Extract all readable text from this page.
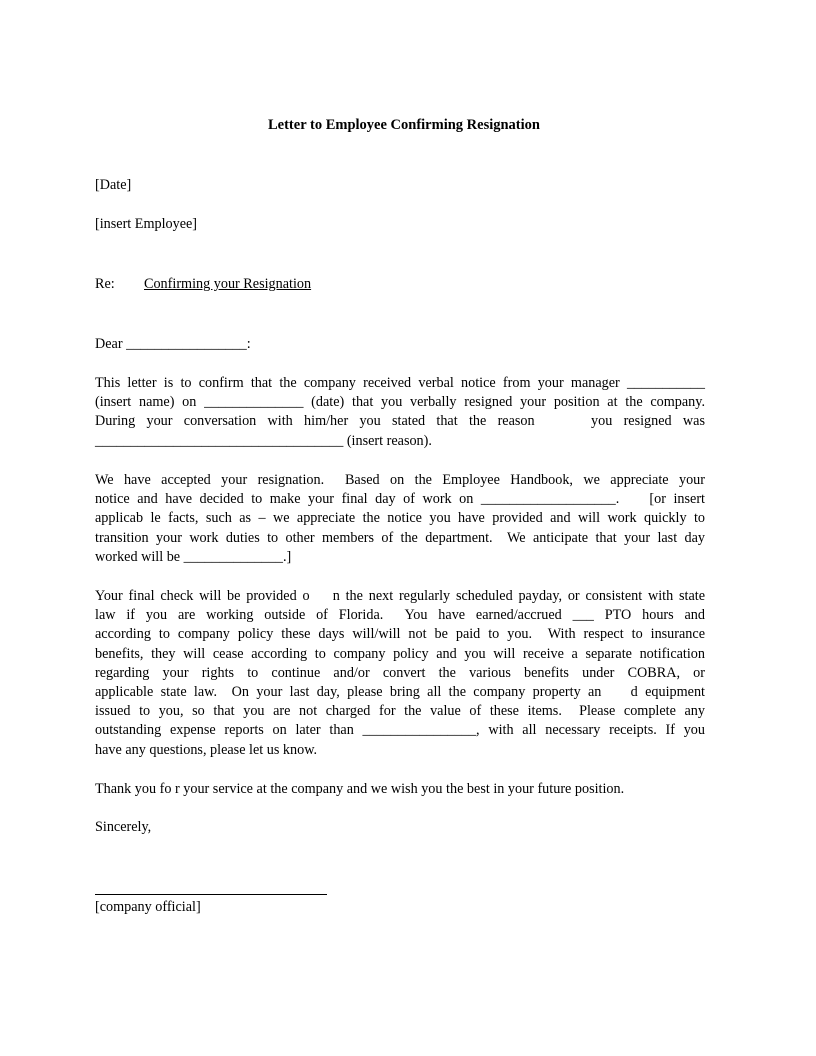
Letter to Employee Confirming Resignation
[Date]
[insert Employee]
Re: Confirming your Resignation
Dear _________________:
This letter is to confirm that the company received verbal notice from your manager ___________
(insert name) on ______________ (date) that you verbally resigned your position at the company.
During your conversation with him/her you stated that the reason     you resigned was
___________________________________ (insert reason).
We have accepted your resignation.  Based on the Employee Handbook, we appreciate your
notice and have decided to make your final day of work on ___________________.    [or insert
applicab le facts, such as – we appreciate the notice you have provided and will work quickly to
transition your work duties to other members of the department.  We anticipate that your last day
worked will be ______________.]
Your final check will be provided o    n the next regularly scheduled payday, or consistent with state
law if you are working outside of Florida.  You have earned/accrued ___ PTO hours and
according to company policy these days will/will not be paid to you.  With respect to insurance
benefits, they will cease according to company policy and you will receive a separate notification
regarding your rights to continue and/or convert the various benefits under COBRA, or
applicable state law.  On your last day, please bring all the company property an    d equipment
issued to you, so that you are not charged for the value of these items.  Please complete any
outstanding expense reports on later than ________________, with all necessary receipts. If you
have any questions, please let us know.
Thank you fo r your service at the company and we wish you the best in your future position.
Sincerely,
[company official]
